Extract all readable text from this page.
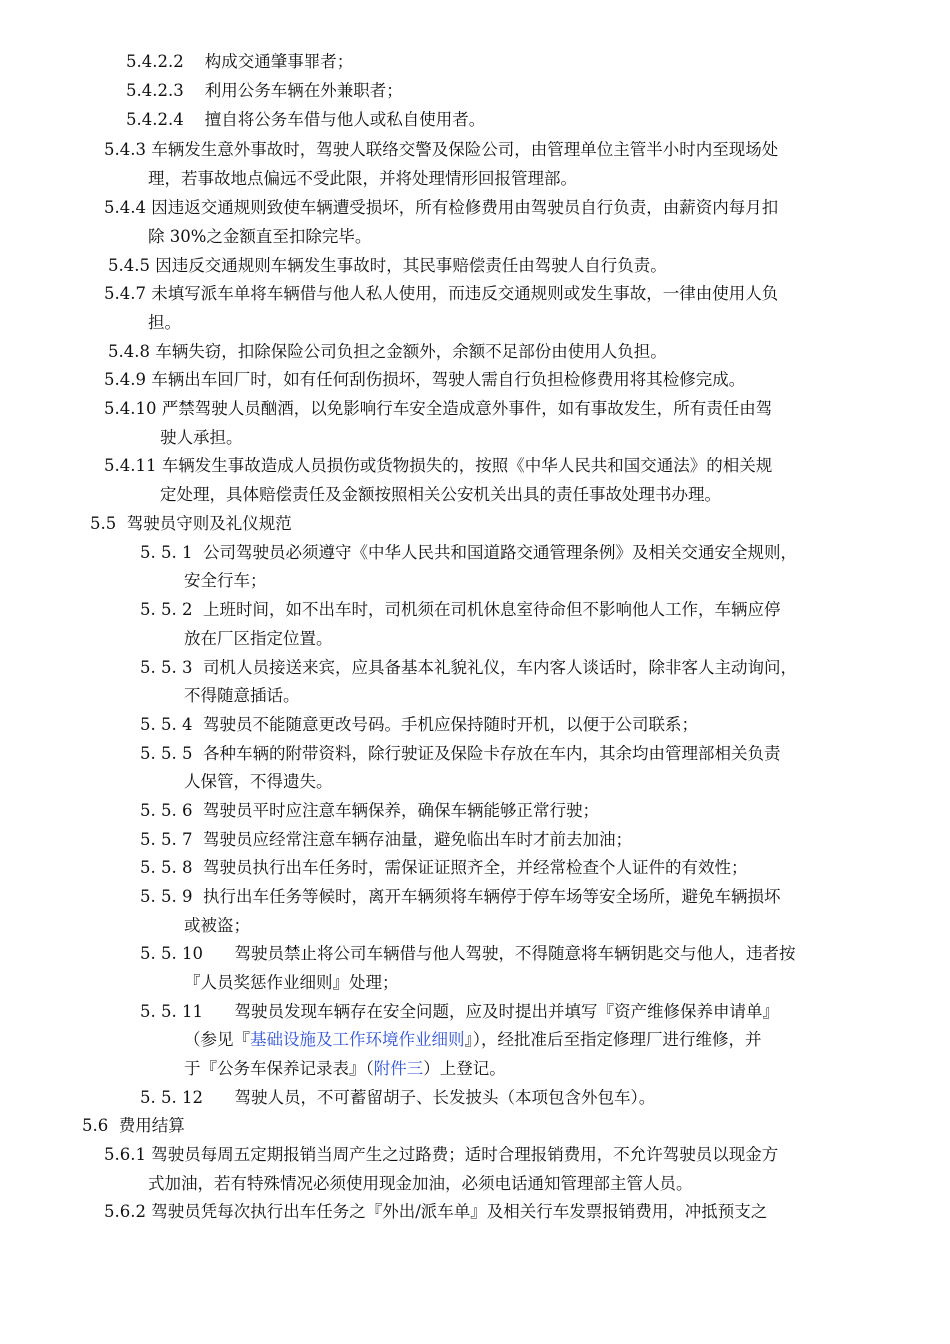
5.4.2.2 构成交通肇事罪者；
5.4.2.3 利用公务车辆在外兼职者；
5.4.2.4 擅自将公务车借与他人或私自使用者。
5.4.3 车辆发生意外事故时，驾驶人联络交警及保险公司，由管理单位主管半小时内至现场处
理，若事故地点偏远不受此限，并将处理情形回报管理部。
5.4.4 因违返交通规则致使车辆遭受损坏，所有检修费用由驾驶员自行负责，由薪资内每月扣
除 30%之金额直至扣除完毕。
5.4.5 因违反交通规则车辆发生事故时，其民事赔偿责任由驾驶人自行负责。
5.4.7 未填写派车单将车辆借与他人私人使用，而违反交通规则或发生事故，一律由使用人负
担。
5.4.8 车辆失窃，扣除保险公司负担之金额外，余额不足部份由使用人负担。
5.4.9 车辆出车回厂时，如有任何刮伤损坏，驾驶人需自行负担检修费用将其检修完成。
5.4.10 严禁驾驶人员酗酒，以免影响行车安全造成意外事件，如有事故发生，所有责任由驾
驶人承担。
5.4.11 车辆发生事故造成人员损伤或货物损失的，按照《中华人民共和国交通法》的相关规
定处理，具体赔偿责任及金额按照相关公安机关出具的责任事故处理书办理。
5.5 驾驶员守则及礼仪规范
5. 5. 1 公司驾驶员必须遵守《中华人民共和国道路交通管理条例》及相关交通安全规则，
安全行车；
5. 5. 2 上班时间，如不出车时，司机须在司机休息室待命但不影响他人工作，车辆应停
放在厂区指定位置。
5. 5. 3 司机人员接送来宾，应具备基本礼貌礼仪，车内客人谈话时，除非客人主动询问，
不得随意插话。
5. 5. 4 驾驶员不能随意更改号码。手机应保持随时开机，以便于公司联系；
5. 5. 5 各种车辆的附带资料，除行驶证及保险卡存放在车内，其余均由管理部相关负责
人保管，不得遗失。
5. 5. 6 驾驶员平时应注意车辆保养，确保车辆能够正常行驶；
5. 5. 7 驾驶员应经常注意车辆存油量，避免临出车时才前去加油；
5. 5. 8 驾驶员执行出车任务时，需保证证照齐全，并经常检查个人证件的有效性；
5. 5. 9 执行出车任务等候时，离开车辆须将车辆停于停车场等安全场所，避免车辆损坏
或被盗；
5. 5. 10 驾驶员禁止将公司车辆借与他人驾驶，不得随意将车辆钥匙交与他人，违者按
『人员奖惩作业细则』处理；
5. 5. 11 驾驶员发现车辆存在安全问题，应及时提出并填写『资产维修保养申请单』
（参见『基础设施及工作环境作业细则』），经批准后至指定修理厂进行维修，并
于『公务车保养记录表』（附件三）上登记。
5. 5. 12 驾驶人员，不可蓄留胡子、长发披头（本项包含外包车）。
5.6 费用结算
5.6.1 驾驶员每周五定期报销当周产生之过路费；适时合理报销费用，不允许驾驶员以现金方
式加油，若有特殊情况必须使用现金加油，必须电话通知管理部主管人员。
5.6.2 驾驶员凭每次执行出车任务之『外出/派车单』及相关行车发票报销费用，冲抵预支之
